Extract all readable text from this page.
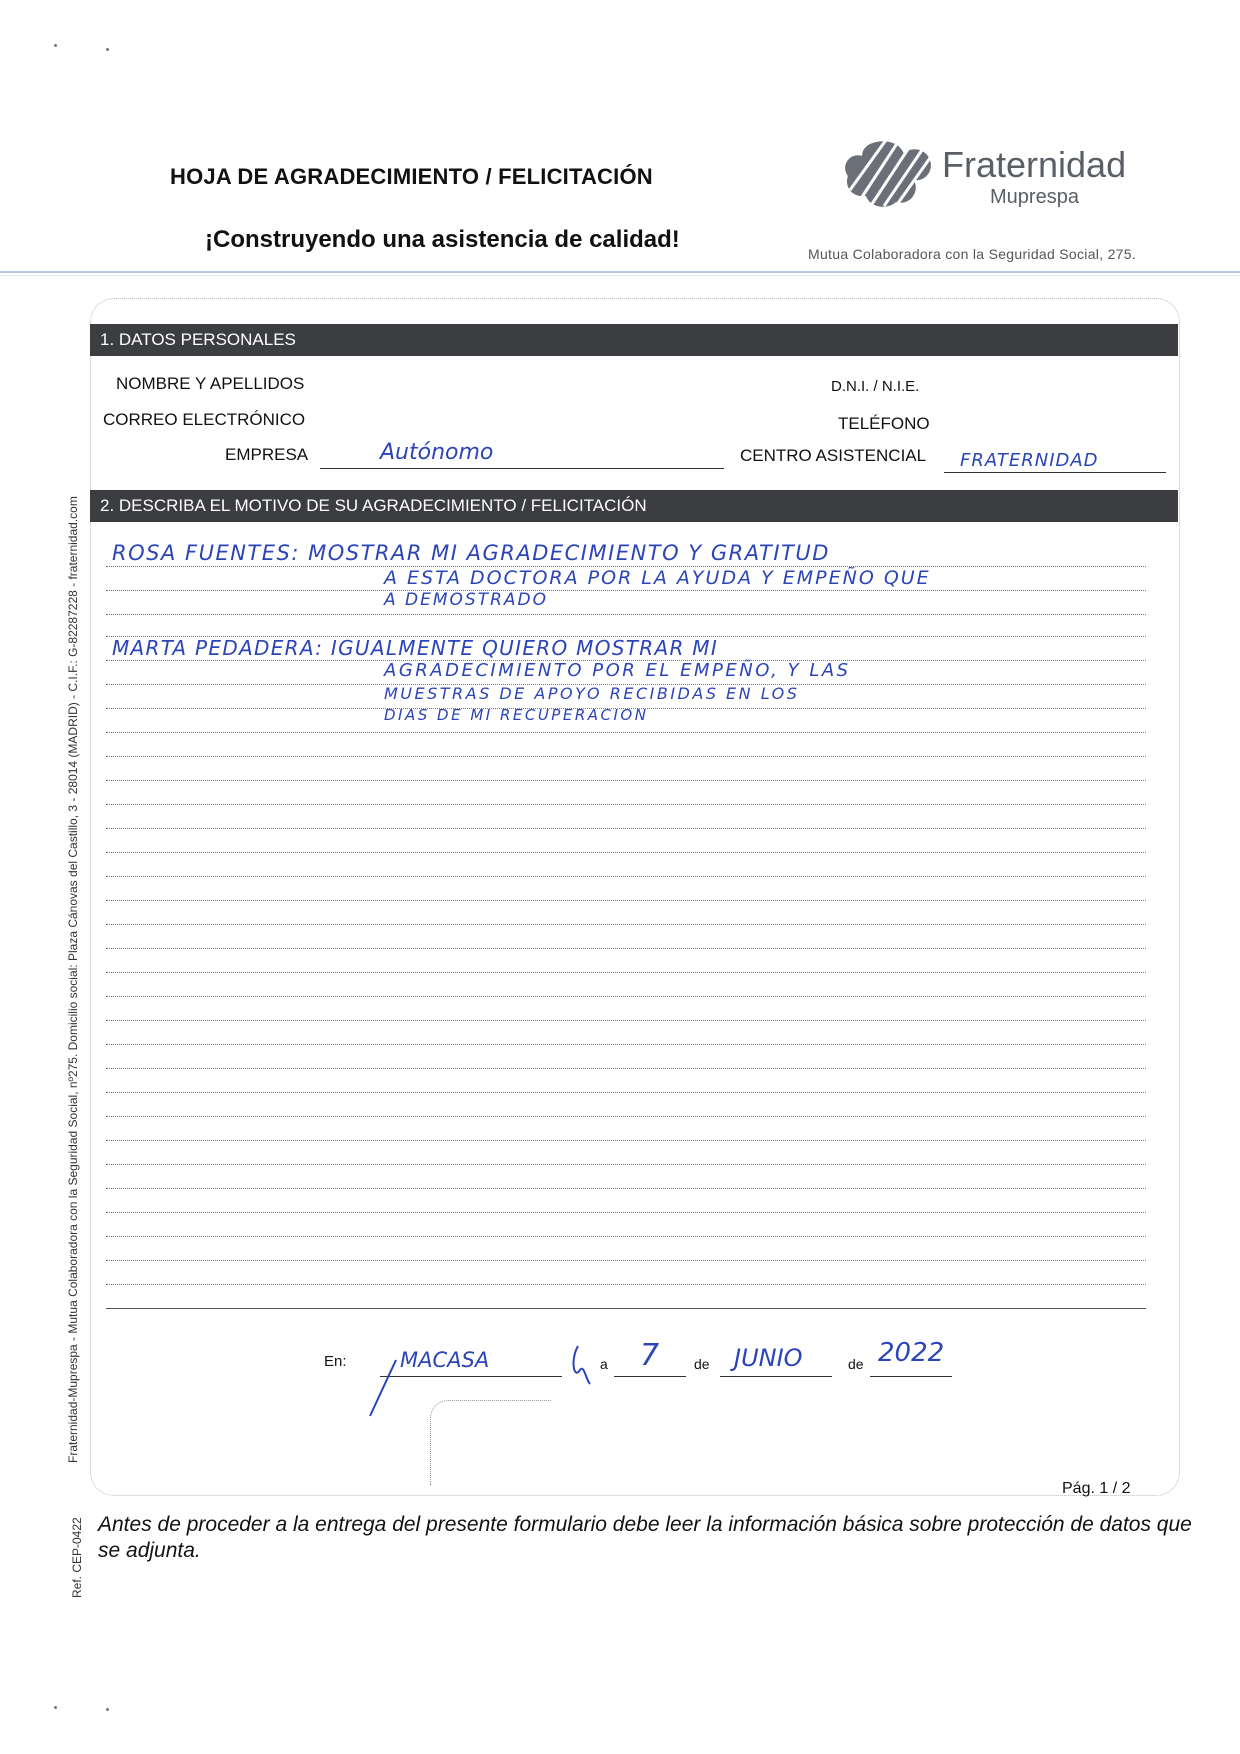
HOJA DE AGRADECIMIENTO / FELICITACIÓN
¡Construyendo una asistencia de calidad!
Fraternidad
Muprespa
Mutua Colaboradora con la Seguridad Social, 275.
Fraternidad-Muprespa - Mutua Colaboradora con la Seguridad Social, nº275. Domicilio social: Plaza Cánovas del Castillo, 3 - 28014 (MADRID) - C.I.F.: G-82287228 - fraternidad.com
Ref. CEP-0422
1. DATOS PERSONALES
NOMBRE Y APELLIDOS	D.N.I. / N.I.E.
CORREO ELECTRÓNICO	TELÉFONO
EMPRESA	Autónomo	CENTRO ASISTENCIAL FRATERNIDAD
2. DESCRIBA EL MOTIVO DE SU AGRADECIMIENTO / FELICITACIÓN
ROSA FUENTES: MOSTRAR MI AGRADECIMIENTO Y GRATITUD
A ESTA DOCTORA POR LA AYUDA Y EMPEÑO QUE
A DEMOSTRADO
MARTA PEDADERA: IGUALMENTE QUIERO MOSTRAR MI
AGRADECIMIENTO POR EL EMPEÑO, Y LAS
MUESTRAS DE APOYO RECIBIDAS EN LOS
DIAS DE MI RECUPERACION
En:	MACASA	a 7 de JUNIO	de 2022
Pág. 1 / 2
Antes de proceder a la entrega del presente formulario debe leer la información básica sobre protección de datos que se adjunta.
